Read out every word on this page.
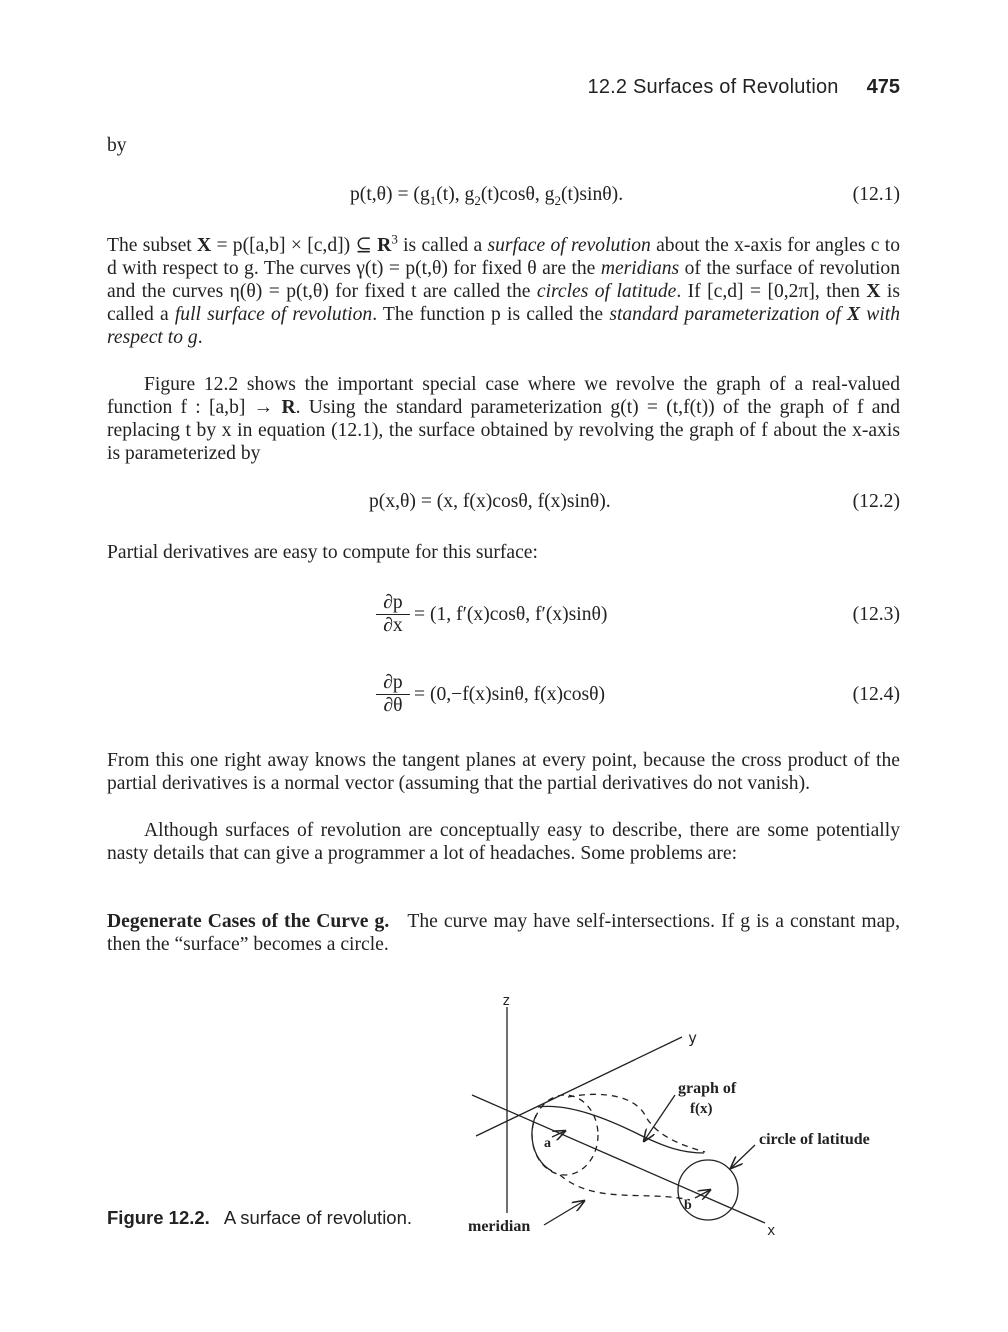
12.2 Surfaces of Revolution 475
by
$p(t,\theta) = (g_1(t)$, $g_2(t)\cos\theta$, $g_2(t)\sin\theta$).	(12.1)
The subset X = p([a,b] × [c,d]) ⊆ $R^3$ is called a surface of revolution about the x-axis for angles c to d with respect to g. The curves γ(t) = p(t,θ) for fixed θ are the meridians of the surface of revolution and the curves η(θ) = p(t,θ) for fixed t are called the circles of latitude. If [c,d] = [0,2π], then X is called a full surface of revolution. The function p is called the standard parameterization of X with respect to g.
Figure 12.2 shows the important special case where we revolve the graph of a real-valued function f : [a,b] → R. Using the standard parameterization g(t) = (t,f(t)) of the graph of f and replacing t by x in equation (12.1), the surface obtained by revolving the graph of f about the x-axis is parameterized by
p(x,θ) = (x, f(x)cosθ, f(x)sinθ).	(12.2)
Partial derivatives are easy to compute for this surface:
∂p
∂x
= (1, f′(x)cosθ, f′(x)sinθ)	(12.3)
∂p
∂θ
= (0,−f(x)sinθ, f(x)cosθ)	(12.4)
From this one right away knows the tangent planes at every point, because the cross product of the partial derivatives is a normal vector (assuming that the partial derivatives do not vanish).
Although surfaces of revolution are conceptually easy to describe, there are some potentially nasty details that can give a programmer a lot of headaches. Some problems are:
Degenerate Cases of the Curve g. The curve may have self-intersections. If g is a constant map, then the “surface” becomes a circle.
z
y
x
graph of
f(x)
circle of latitude
meridian
a
b
Figure 12.2. A surface of revolution.
